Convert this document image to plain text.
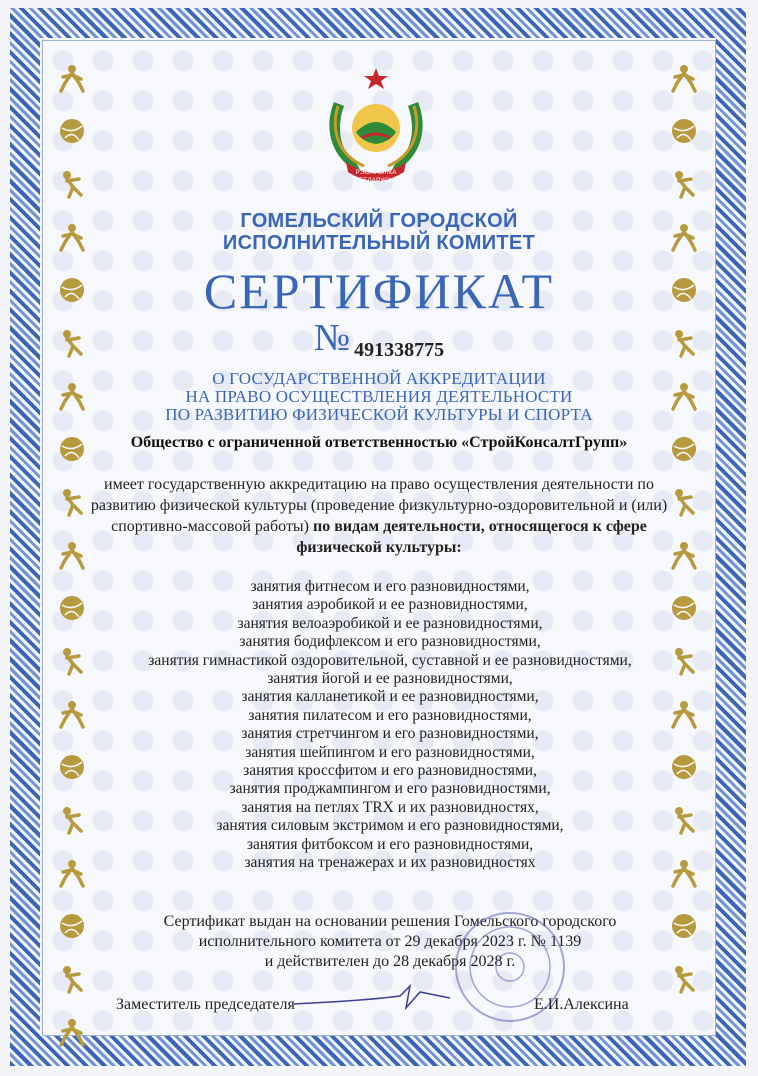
РЭСПУБЛІКА
БЕЛАРУСЬ
ГОМЕЛЬСКИЙ ГОРОДСКОЙ
ИСПОЛНИТЕЛЬНЫЙ КОМИТЕТ
СЕРТИФИКАТ
№ 491338775
О ГОСУДАРСТВЕННОЙ АККРЕДИТАЦИИ
НА ПРАВО ОСУЩЕСТВЛЕНИЯ ДЕЯТЕЛЬНОСТИ
ПО РАЗВИТИЮ ФИЗИЧЕСКОЙ КУЛЬТУРЫ И СПОРТА
Общество с ограниченной ответственностью «СтройКонсалтГрупп»
имеет государственную аккредитацию на право осуществления деятельности по развитию физической культуры (проведение физкультурно-оздоровительной и (или) спортивно-массовой работы) по видам деятельности, относящегося к сфере физической культуры:
занятия фитнесом и его разновидностями,
занятия аэробикой и ее разновидностями,
занятия велоаэробикой и ее разновидностями,
занятия бодифлексом и его разновидностями,
занятия гимнастикой оздоровительной, суставной и ее разновидностями,
занятия йогой и ее разновидностями,
занятия калланетикой и ее разновидностями,
занятия пилатесом и его разновидностями,
занятия стретчингом и его разновидностями,
занятия шейпингом и его разновидностями,
занятия кроссфитом и его разновидностями,
занятия проджампингом и его разновидностями,
занятия на петлях TRX и их разновидностях,
занятия силовым экстримом и его разновидностями,
занятия фитбоксом и его разновидностями,
занятия на тренажерах и их разновидностях
Сертификат выдан на основании решения Гомельского городского
исполнительного комитета от 29 декабря 2023 г. № 1139
и действителен до 28 декабря 2028 г.
Заместитель председателя	Е.И.Алексина
